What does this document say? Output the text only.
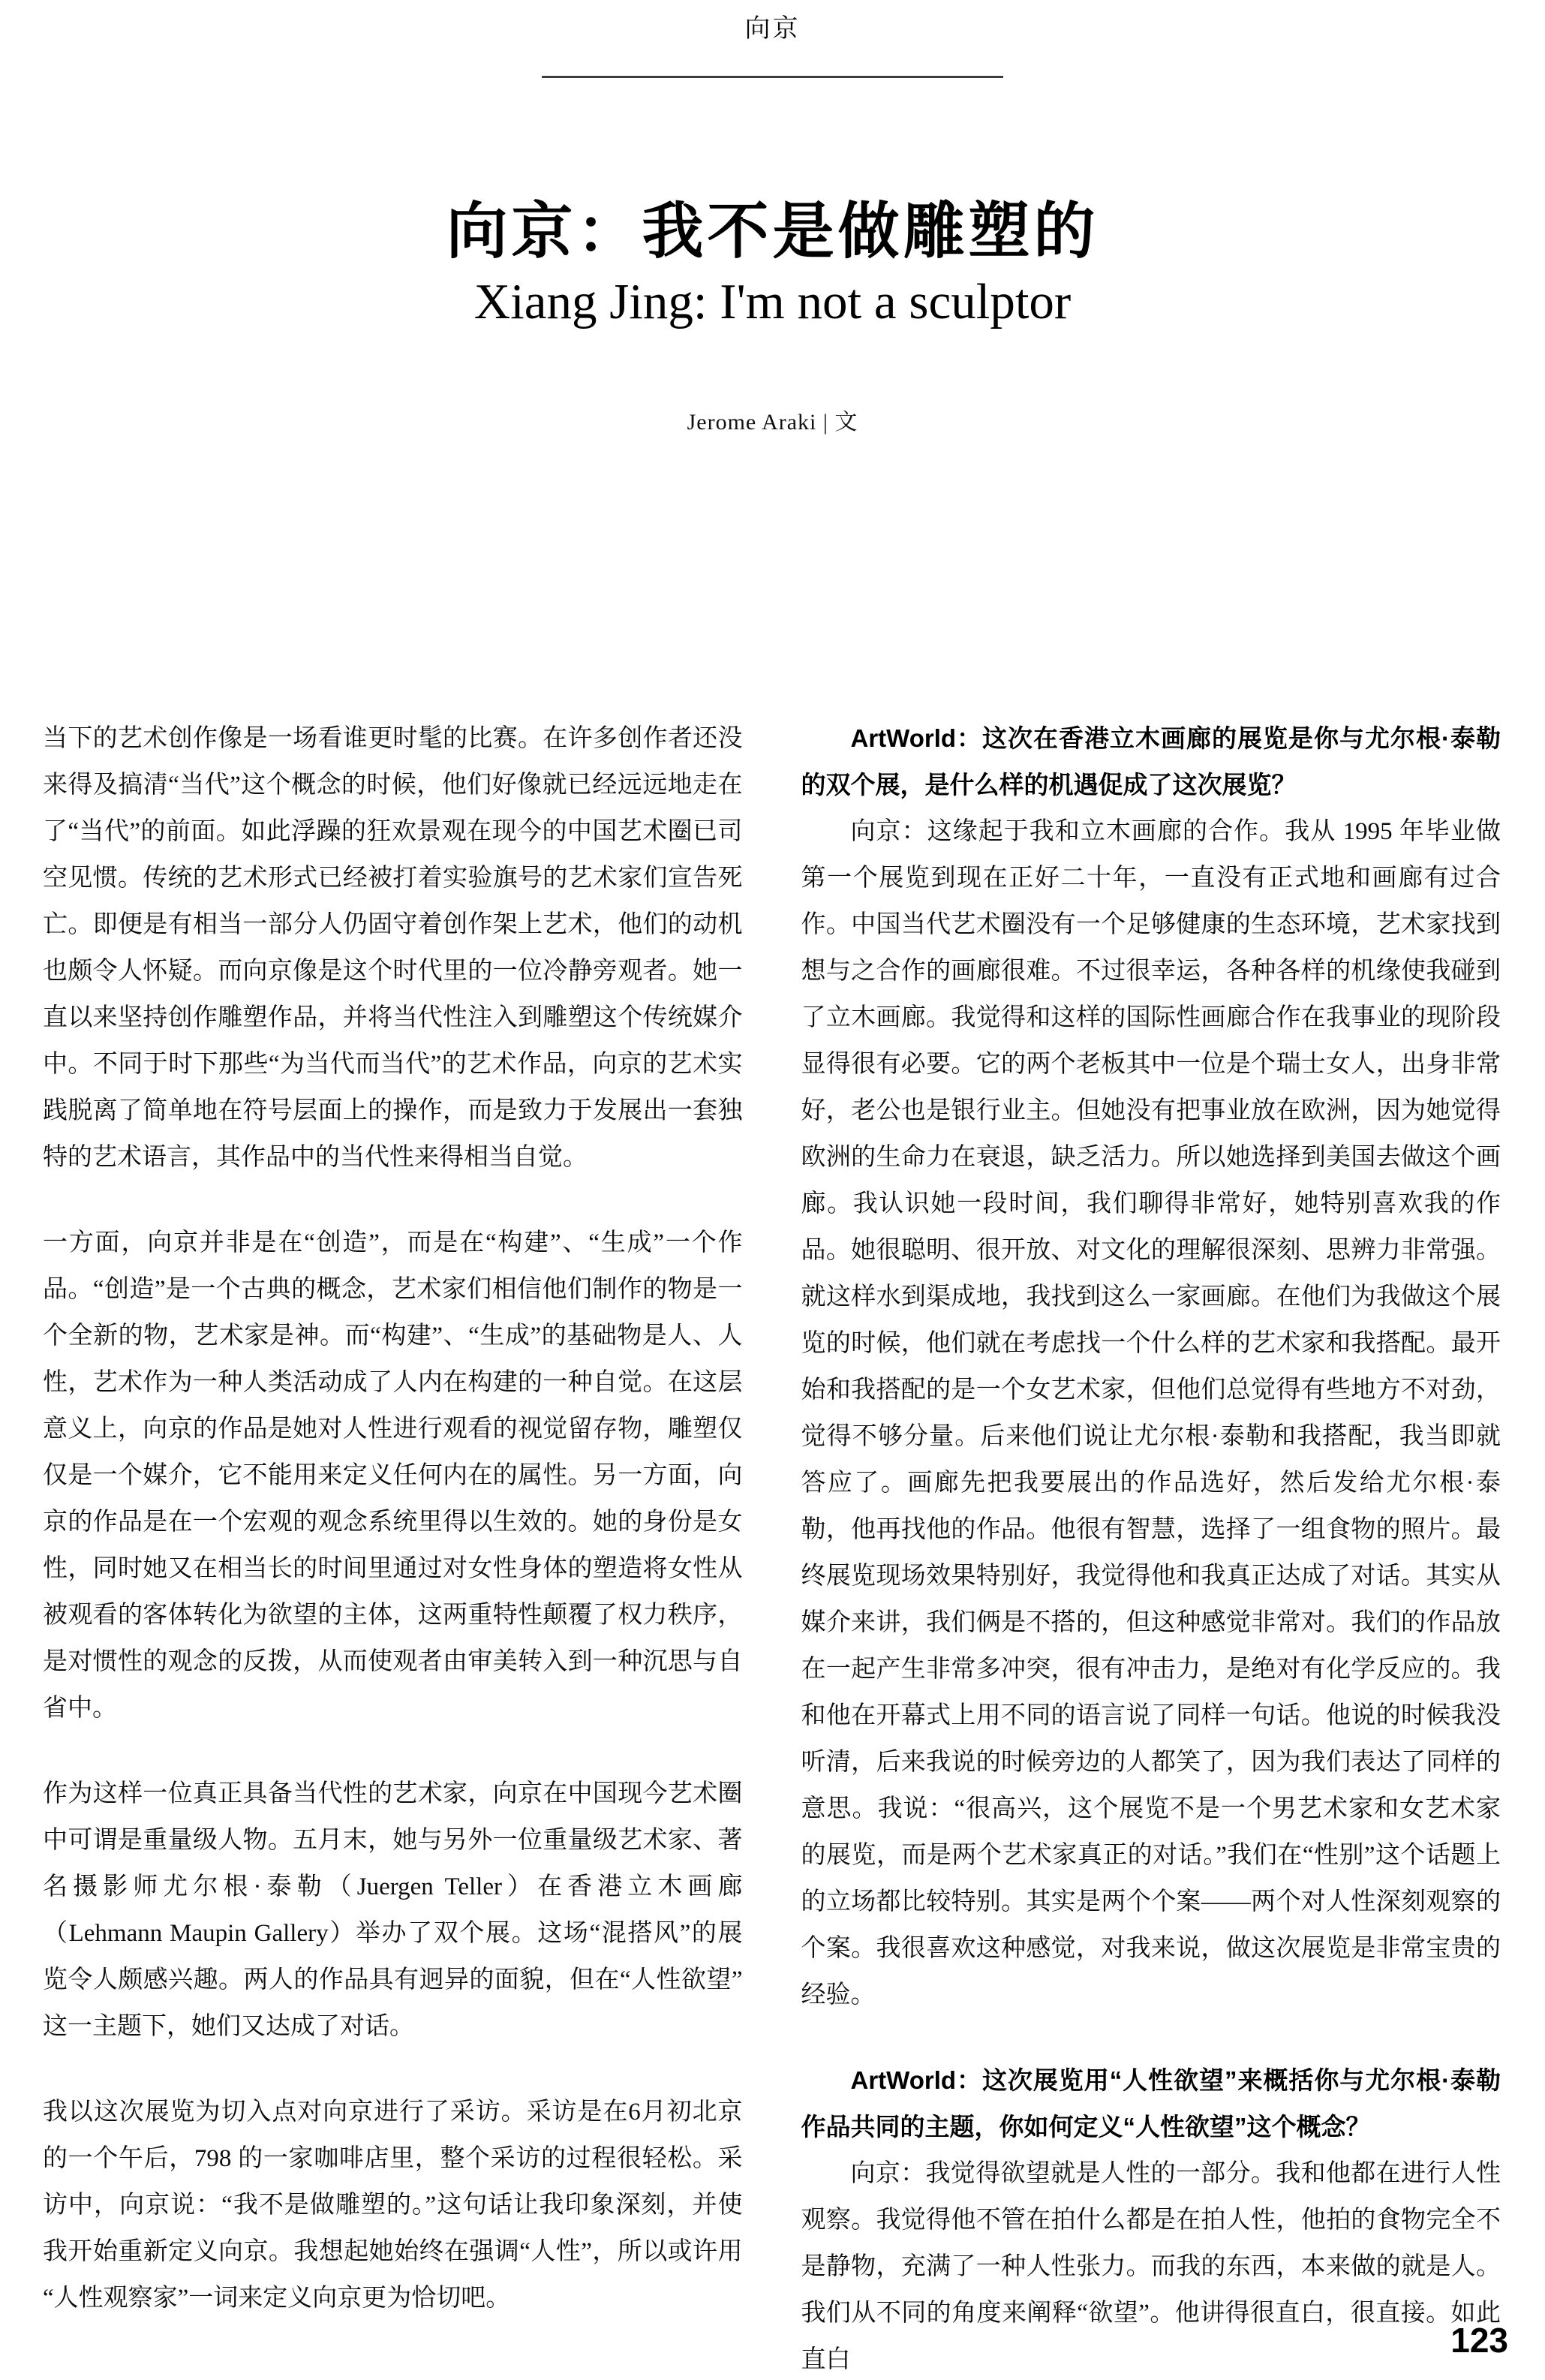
向京
向京：我不是做雕塑的
Xiang Jing: I'm not a sculptor
Jerome Araki | 文

当下的艺术创作像是一场看谁更时髦的比赛。在许多创作者还没来得及搞清“当代”这个概念的时候，他们好像就已经远远地走在了“当代”的前面。如此浮躁的狂欢景观在现今的中国艺术圈已司空见惯。传统的艺术形式已经被打着实验旗号的艺术家们宣告死亡。即便是有相当一部分人仍固守着创作架上艺术，他们的动机也颇令人怀疑。而向京像是这个时代里的一位冷静旁观者。她一直以来坚持创作雕塑作品，并将当代性注入到雕塑这个传统媒介中。不同于时下那些“为当代而当代”的艺术作品，向京的艺术实践脱离了简单地在符号层面上的操作，而是致力于发展出一套独特的艺术语言，其作品中的当代性来得相当自觉。

一方面，向京并非是在“创造”，而是在“构建”、“生成”一个作品。“创造”是一个古典的概念，艺术家们相信他们制作的物是一个全新的物，艺术家是神。而“构建”、“生成”的基础物是人、人性，艺术作为一种人类活动成了人内在构建的一种自觉。在这层意义上，向京的作品是她对人性进行观看的视觉留存物，雕塑仅仅是一个媒介，它不能用来定义任何内在的属性。另一方面，向京的作品是在一个宏观的观念系统里得以生效的。她的身份是女性，同时她又在相当长的时间里通过对女性身体的塑造将女性从被观看的客体转化为欲望的主体，这两重特性颠覆了权力秩序，是对惯性的观念的反拨，从而使观者由审美转入到一种沉思与自省中。

作为这样一位真正具备当代性的艺术家，向京在中国现今艺术圈中可谓是重量级人物。五月末，她与另外一位重量级艺术家、著名摄影师尤尔根·泰勒（Juergen Teller）在香港立木画廊（Lehmann Maupin Gallery）举办了双个展。这场“混搭风”的展览令人颇感兴趣。两人的作品具有迥异的面貌，但在“人性欲望”这一主题下，她们又达成了对话。

我以这次展览为切入点对向京进行了采访。采访是在6月初北京的一个午后，798 的一家咖啡店里，整个采访的过程很轻松。采访中，向京说：“我不是做雕塑的。”这句话让我印象深刻，并使我开始重新定义向京。我想起她始终在强调“人性”，所以或许用“人性观察家”一词来定义向京更为恰切吧。

ArtWorld：这次在香港立木画廊的展览是你与尤尔根·泰勒的双个展，是什么样的机遇促成了这次展览？

向京：这缘起于我和立木画廊的合作。我从 1995 年毕业做第一个展览到现在正好二十年，一直没有正式地和画廊有过合作。中国当代艺术圈没有一个足够健康的生态环境，艺术家找到想与之合作的画廊很难。不过很幸运，各种各样的机缘使我碰到了立木画廊。我觉得和这样的国际性画廊合作在我事业的现阶段显得很有必要。它的两个老板其中一位是个瑞士女人，出身非常好，老公也是银行业主。但她没有把事业放在欧洲，因为她觉得欧洲的生命力在衰退，缺乏活力。所以她选择到美国去做这个画廊。我认识她一段时间，我们聊得非常好，她特别喜欢我的作品。她很聪明、很开放、对文化的理解很深刻、思辨力非常强。就这样水到渠成地，我找到这么一家画廊。在他们为我做这个展览的时候，他们就在考虑找一个什么样的艺术家和我搭配。最开始和我搭配的是一个女艺术家，但他们总觉得有些地方不对劲，觉得不够分量。后来他们说让尤尔根·泰勒和我搭配，我当即就答应了。画廊先把我要展出的作品选好，然后发给尤尔根·泰勒，他再找他的作品。他很有智慧，选择了一组食物的照片。最终展览现场效果特别好，我觉得他和我真正达成了对话。其实从媒介来讲，我们俩是不搭的，但这种感觉非常对。我们的作品放在一起产生非常多冲突，很有冲击力，是绝对有化学反应的。我和他在开幕式上用不同的语言说了同样一句话。他说的时候我没听清，后来我说的时候旁边的人都笑了，因为我们表达了同样的意思。我说：“很高兴，这个展览不是一个男艺术家和女艺术家的展览，而是两个艺术家真正的对话。”我们在“性别”这个话题上的立场都比较特别。其实是两个个案——两个对人性深刻观察的个案。我很喜欢这种感觉，对我来说，做这次展览是非常宝贵的经验。

ArtWorld：这次展览用“人性欲望”来概括你与尤尔根·泰勒作品共同的主题，你如何定义“人性欲望”这个概念？

向京：我觉得欲望就是人性的一部分。我和他都在进行人性观察。我觉得他不管在拍什么都是在拍人性，他拍的食物完全不是静物，充满了一种人性张力。而我的东西，本来做的就是人。我们从不同的角度来阐释“欲望”。他讲得很直白，很直接。如此直白

123
